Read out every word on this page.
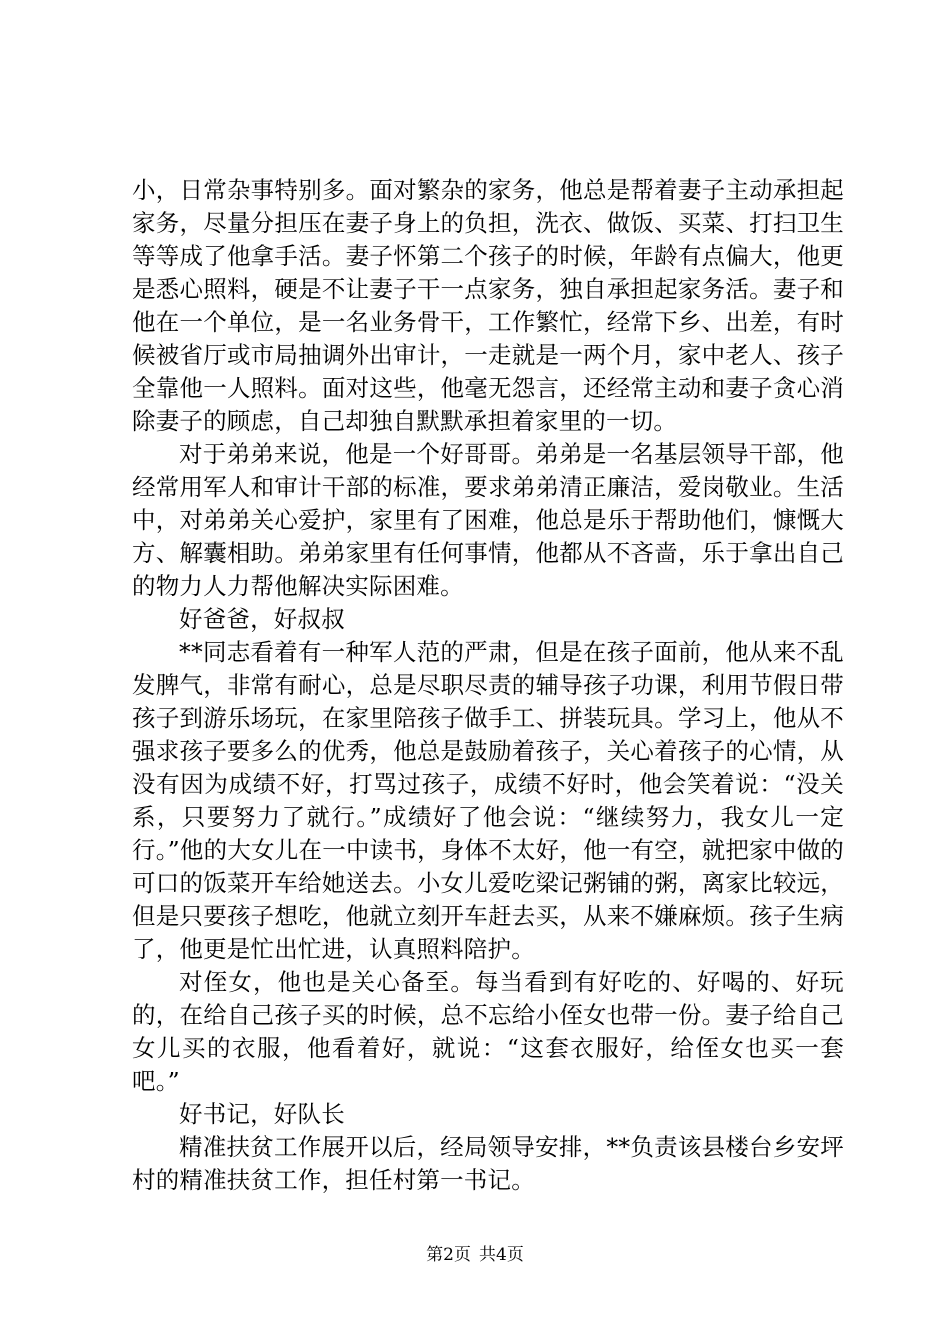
小，日常杂事特别多。面对繁杂的家务，他总是帮着妻子主动承担起家务，尽量分担压在妻子身上的负担，洗衣、做饭、买菜、打扫卫生等等成了他拿手活。妻子怀第二个孩子的时候，年龄有点偏大，他更是悉心照料，硬是不让妻子干一点家务，独自承担起家务活。妻子和他在一个单位，是一名业务骨干，工作繁忙，经常下乡、出差，有时候被省厅或市局抽调外出审计，一走就是一两个月，家中老人、孩子全靠他一人照料。面对这些，他毫无怨言，还经常主动和妻子贪心消除妻子的顾虑，自己却独自默默承担着家里的一切。

对于弟弟来说，他是一个好哥哥。弟弟是一名基层领导干部，他经常用军人和审计干部的标准，要求弟弟清正廉洁，爱岗敬业。生活中，对弟弟关心爱护，家里有了困难，他总是乐于帮助他们，慷慨大方、解囊相助。弟弟家里有任何事情，他都从不吝啬，乐于拿出自己的物力人力帮他解决实际困难。

好爸爸，好叔叔

**同志看着有一种军人范的严肃，但是在孩子面前，他从来不乱发脾气，非常有耐心，总是尽职尽责的辅导孩子功课，利用节假日带孩子到游乐场玩，在家里陪孩子做手工、拼装玩具。学习上，他从不强求孩子要多么的优秀，他总是鼓励着孩子，关心着孩子的心情，从没有因为成绩不好，打骂过孩子，成绩不好时，他会笑着说：“没关系，只要努力了就行。”成绩好了他会说：“继续努力，我女儿一定行。”他的大女儿在一中读书，身体不太好，他一有空，就把家中做的可口的饭菜开车给她送去。小女儿爱吃梁记粥铺的粥，离家比较远，但是只要孩子想吃，他就立刻开车赶去买，从来不嫌麻烦。孩子生病了，他更是忙出忙进，认真照料陪护。

对侄女，他也是关心备至。每当看到有好吃的、好喝的、好玩的，在给自己孩子买的时候，总不忘给小侄女也带一份。妻子给自己女儿买的衣服，他看着好，就说：“这套衣服好，给侄女也买一套吧。”

好书记，好队长

精准扶贫工作展开以后，经局领导安排，**负责该县楼台乡安坪村的精准扶贫工作，担任村第一书记。

第2页 共4页
